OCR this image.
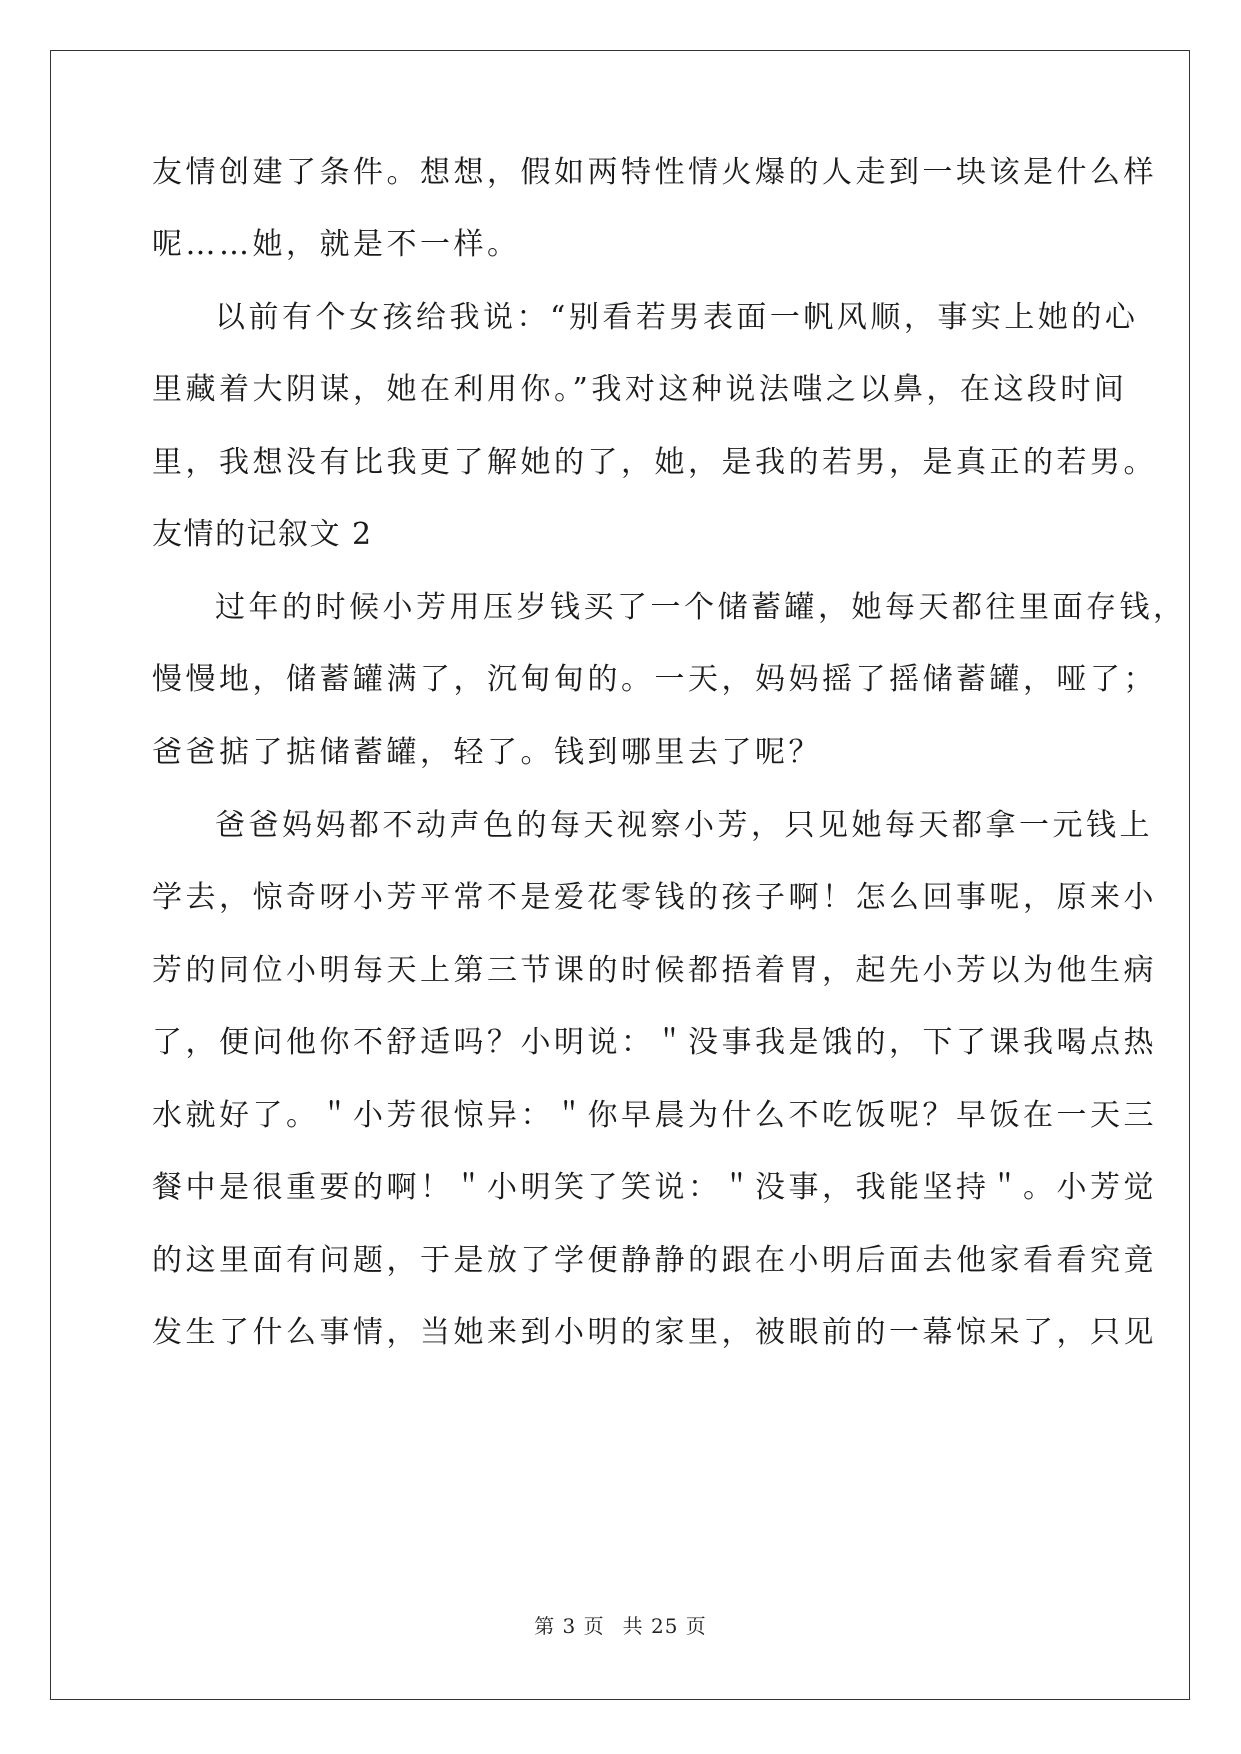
友情创建了条件。想想，假如两特性情火爆的人走到一块该是什么样
呢……她，就是不一样。
以前有个女孩给我说：“别看若男表面一帆风顺，事实上她的心
里藏着大阴谋，她在利用你。”我对这种说法嗤之以鼻，在这段时间
里，我想没有比我更了解她的了，她，是我的若男，是真正的若男。
友情的记叙文 2
过年的时候小芳用压岁钱买了一个储蓄罐，她每天都往里面存钱，
慢慢地，储蓄罐满了，沉甸甸的。一天，妈妈摇了摇储蓄罐，哑了；
爸爸掂了掂储蓄罐，轻了。钱到哪里去了呢？
爸爸妈妈都不动声色的每天视察小芳，只见她每天都拿一元钱上
学去，惊奇呀小芳平常不是爱花零钱的孩子啊！怎么回事呢，原来小
芳的同位小明每天上第三节课的时候都捂着胃，起先小芳以为他生病
了，便问他你不舒适吗？小明说：＂没事我是饿的，下了课我喝点热
水就好了。＂小芳很惊异：＂你早晨为什么不吃饭呢？早饭在一天三
餐中是很重要的啊！＂小明笑了笑说：＂没事，我能坚持＂。小芳觉
的这里面有问题，于是放了学便静静的跟在小明后面去他家看看究竟
发生了什么事情，当她来到小明的家里，被眼前的一幕惊呆了，只见
第 3 页 共 25 页
